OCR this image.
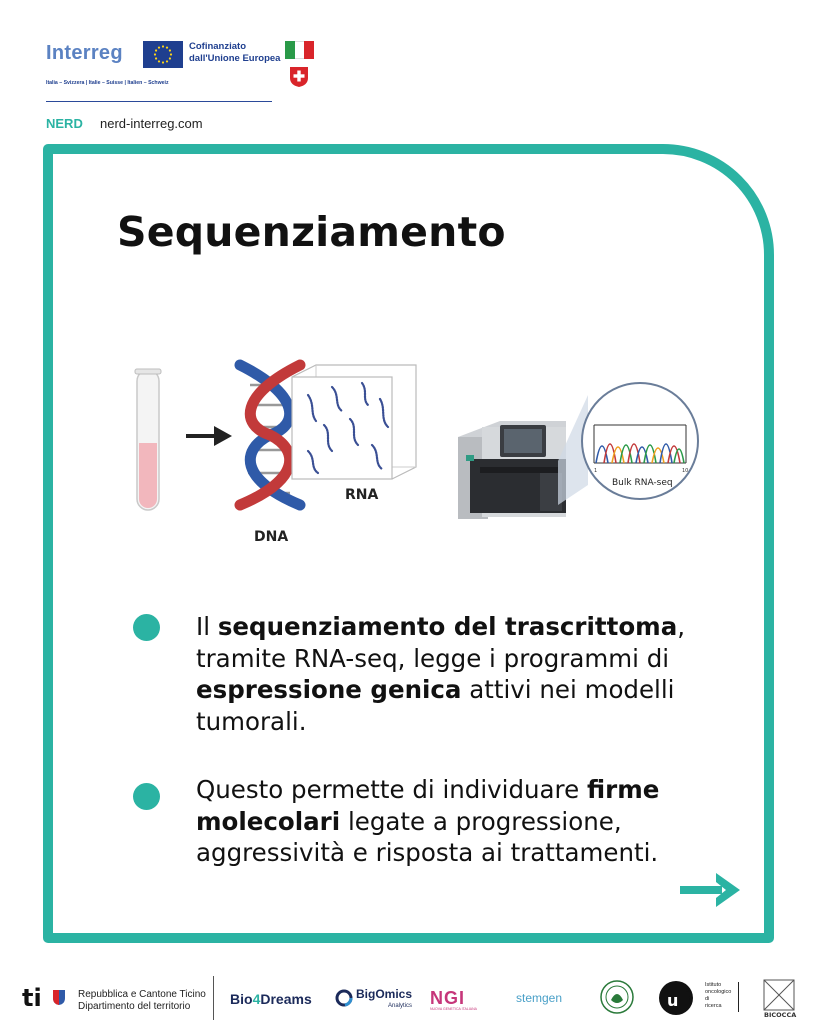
Interreg	Cofinanziato
dall'Unione Europea
Italia – Svizzera | Italie – Suisse | Italien – Schweiz
NERD nerd-interreg.com
Sequenziamento
RNA
DNA
1	10
Bulk RNA-seq
Il sequenziamento del trascrittoma, tramite RNA-seq, legge i programmi di espressione genica attivi nei modelli tumorali.
Questo permette di individuare firme molecolari legate a progressione, aggressività e risposta ai trattamenti.
ti	Repubblica e Cantone Ticino
Dipartimento del territorio	Bio4Dreams	BigOmics
Analytics NGI
NUOVA GENETICA ITALIANA
stemgen	u
s
i
Istituto
oncologico
di
ricerca
BICOCCA
